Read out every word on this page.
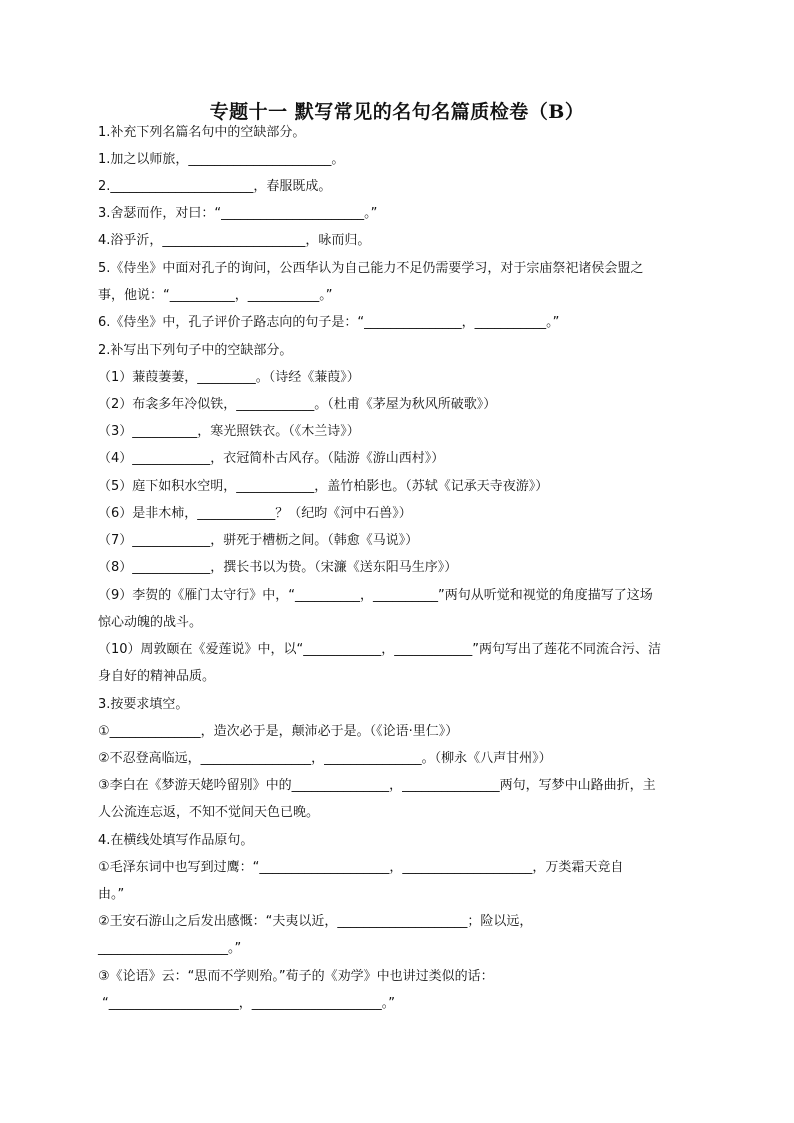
专题十一 默写常见的名句名篇质检卷（B）
1.补充下列名篇名句中的空缺部分。
1.加之以师旅，______________________。
2.______________________，春服既成。
3.舍瑟而作，对曰：“______________________。”
4.浴乎沂，______________________，咏而归。
5.《侍坐》中面对孔子的询问，公西华认为自己能力不足仍需要学习，对于宗庙祭祀诸侯会盟之
事，他说：“__________，___________。”
6.《侍坐》中，孔子评价子路志向的句子是：“_______________，___________。”
2.补写出下列句子中的空缺部分。
（1）蒹葭萋萋，_________。（诗经《蒹葭》）
（2）布衾多年冷似铁，____________。（杜甫《茅屋为秋风所破歌》）
（3）__________，寒光照铁衣。（《木兰诗》）
（4）____________，衣冠简朴古风存。（陆游《游山西村》）
（5）庭下如积水空明，____________，盖竹柏影也。（苏轼《记承天寺夜游》）
（6）是非木柿，____________？（纪昀《河中石兽》）
（7）____________，骈死于槽枥之间。（韩愈《马说》）
（8）____________，撰长书以为贽。（宋濂《送东阳马生序》）
（9）李贺的《雁门太守行》中，“__________，__________”两句从听觉和视觉的角度描写了这场
惊心动魄的战斗。
（10）周敦颐在《爱莲说》中，以“____________，____________”两句写出了莲花不同流合污、洁
身自好的精神品质。
3.按要求填空。
①______________，造次必于是，颠沛必于是。（《论语·里仁》）
②不忍登高临远，_________________，_______________。（柳永《八声甘州》）
③李白在《梦游天姥吟留别》中的_______________，_______________两句，写梦中山路曲折，主
人公流连忘返，不知不觉间天色已晚。
4.在横线处填写作品原句。
①毛泽东词中也写到过鹰：“____________________，____________________，万类霜天竞自
由。”
②王安石游山之后发出感慨：“夫夷以近，____________________；险以远，
____________________。”
③《论语》云：“思而不学则殆。”荀子的《劝学》中也讲过类似的话：
“____________________，____________________。”
